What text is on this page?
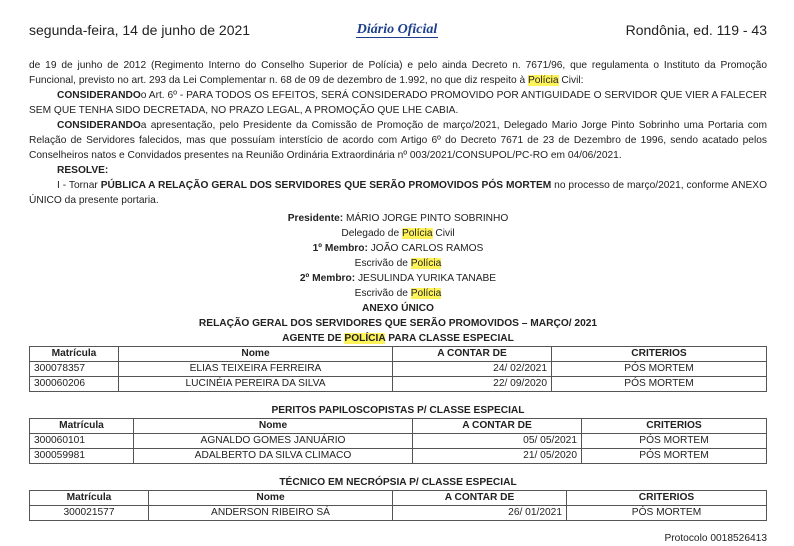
segunda-feira, 14 de junho de 2021	Diário Oficial	Rondônia, ed. 119 - 43

de 19 de junho de 2012 (Regimento Interno do Conselho Superior de Polícia) e pelo ainda Decreto n. 7671/96, que regulamenta o Instituto da Promoção Funcional, previsto no art. 293 da Lei Complementar n. 68 de 09 de dezembro de 1.992, no que diz respeito à Polícia Civil:

CONSIDERANDOo Art. 6º - PARA TODOS OS EFEITOS, SERÁ CONSIDERADO PROMOVIDO POR ANTIGUIDADE O SERVIDOR QUE VIER A FALECER SEM QUE TENHA SIDO DECRETADA, NO PRAZO LEGAL, A PROMOÇÃO QUE LHE CABIA.

CONSIDERANDOa apresentação, pelo Presidente da Comissão de Promoção de março/2021, Delegado Mario Jorge Pinto Sobrinho uma Portaria com Relação de Servidores falecidos, mas que possuíam interstício de acordo com Artigo 6º do Decreto 7671 de 23 de Dezembro de 1996, sendo acatado pelos Conselheiros natos e Convidados presentes na Reunião Ordinária Extraordinária nº 003/2021/CONSUPOL/PC-RO em 04/06/2021.

RESOLVE:

I - Tornar PÚBLICA A RELAÇÃO GERAL DOS SERVIDORES QUE SERÃO PROMOVIDOS PÓS MORTEM no processo de março/2021, conforme ANEXO ÚNICO da presente portaria.

Presidente: MÁRIO JORGE PINTO SOBRINHO
Delegado de Polícia Civil
1º Membro: JOÃO CARLOS RAMOS
Escrivão de Polícia
2º Membro: JESULINDA YURIKA TANABE
Escrivão de Polícia
ANEXO ÚNICO
RELAÇÃO GERAL DOS SERVIDORES QUE SERÃO PROMOVIDOS – MARÇO/ 2021
AGENTE DE POLÍCIA PARA CLASSE ESPECIAL
Matrícula	Nome	A CONTAR DE	CRITERIOS
300078357	ELIAS TEIXEIRA FERREIRA	24/ 02/2021	PÓS MORTEM
300060206	LUCINÉIA PEREIRA DA SILVA	22/ 09/2020	PÓS MORTEM
PERITOS PAPILOSCOPISTAS P/ CLASSE ESPECIAL
Matrícula	Nome	A CONTAR DE	CRITERIOS
300060101	AGNALDO GOMES JANUÁRIO	05/ 05/2021	PÓS MORTEM
300059981	ADALBERTO DA SILVA CLIMACO	21/ 05/2020	PÓS MORTEM
TÉCNICO EM NECRÓPSIA P/ CLASSE ESPECIAL
Matrícula	Nome	A CONTAR DE	CRITERIOS
300021577	ANDERSON RIBEIRO SÁ	26/ 01/2021	PÓS MORTEM
Protocolo 0018526413
